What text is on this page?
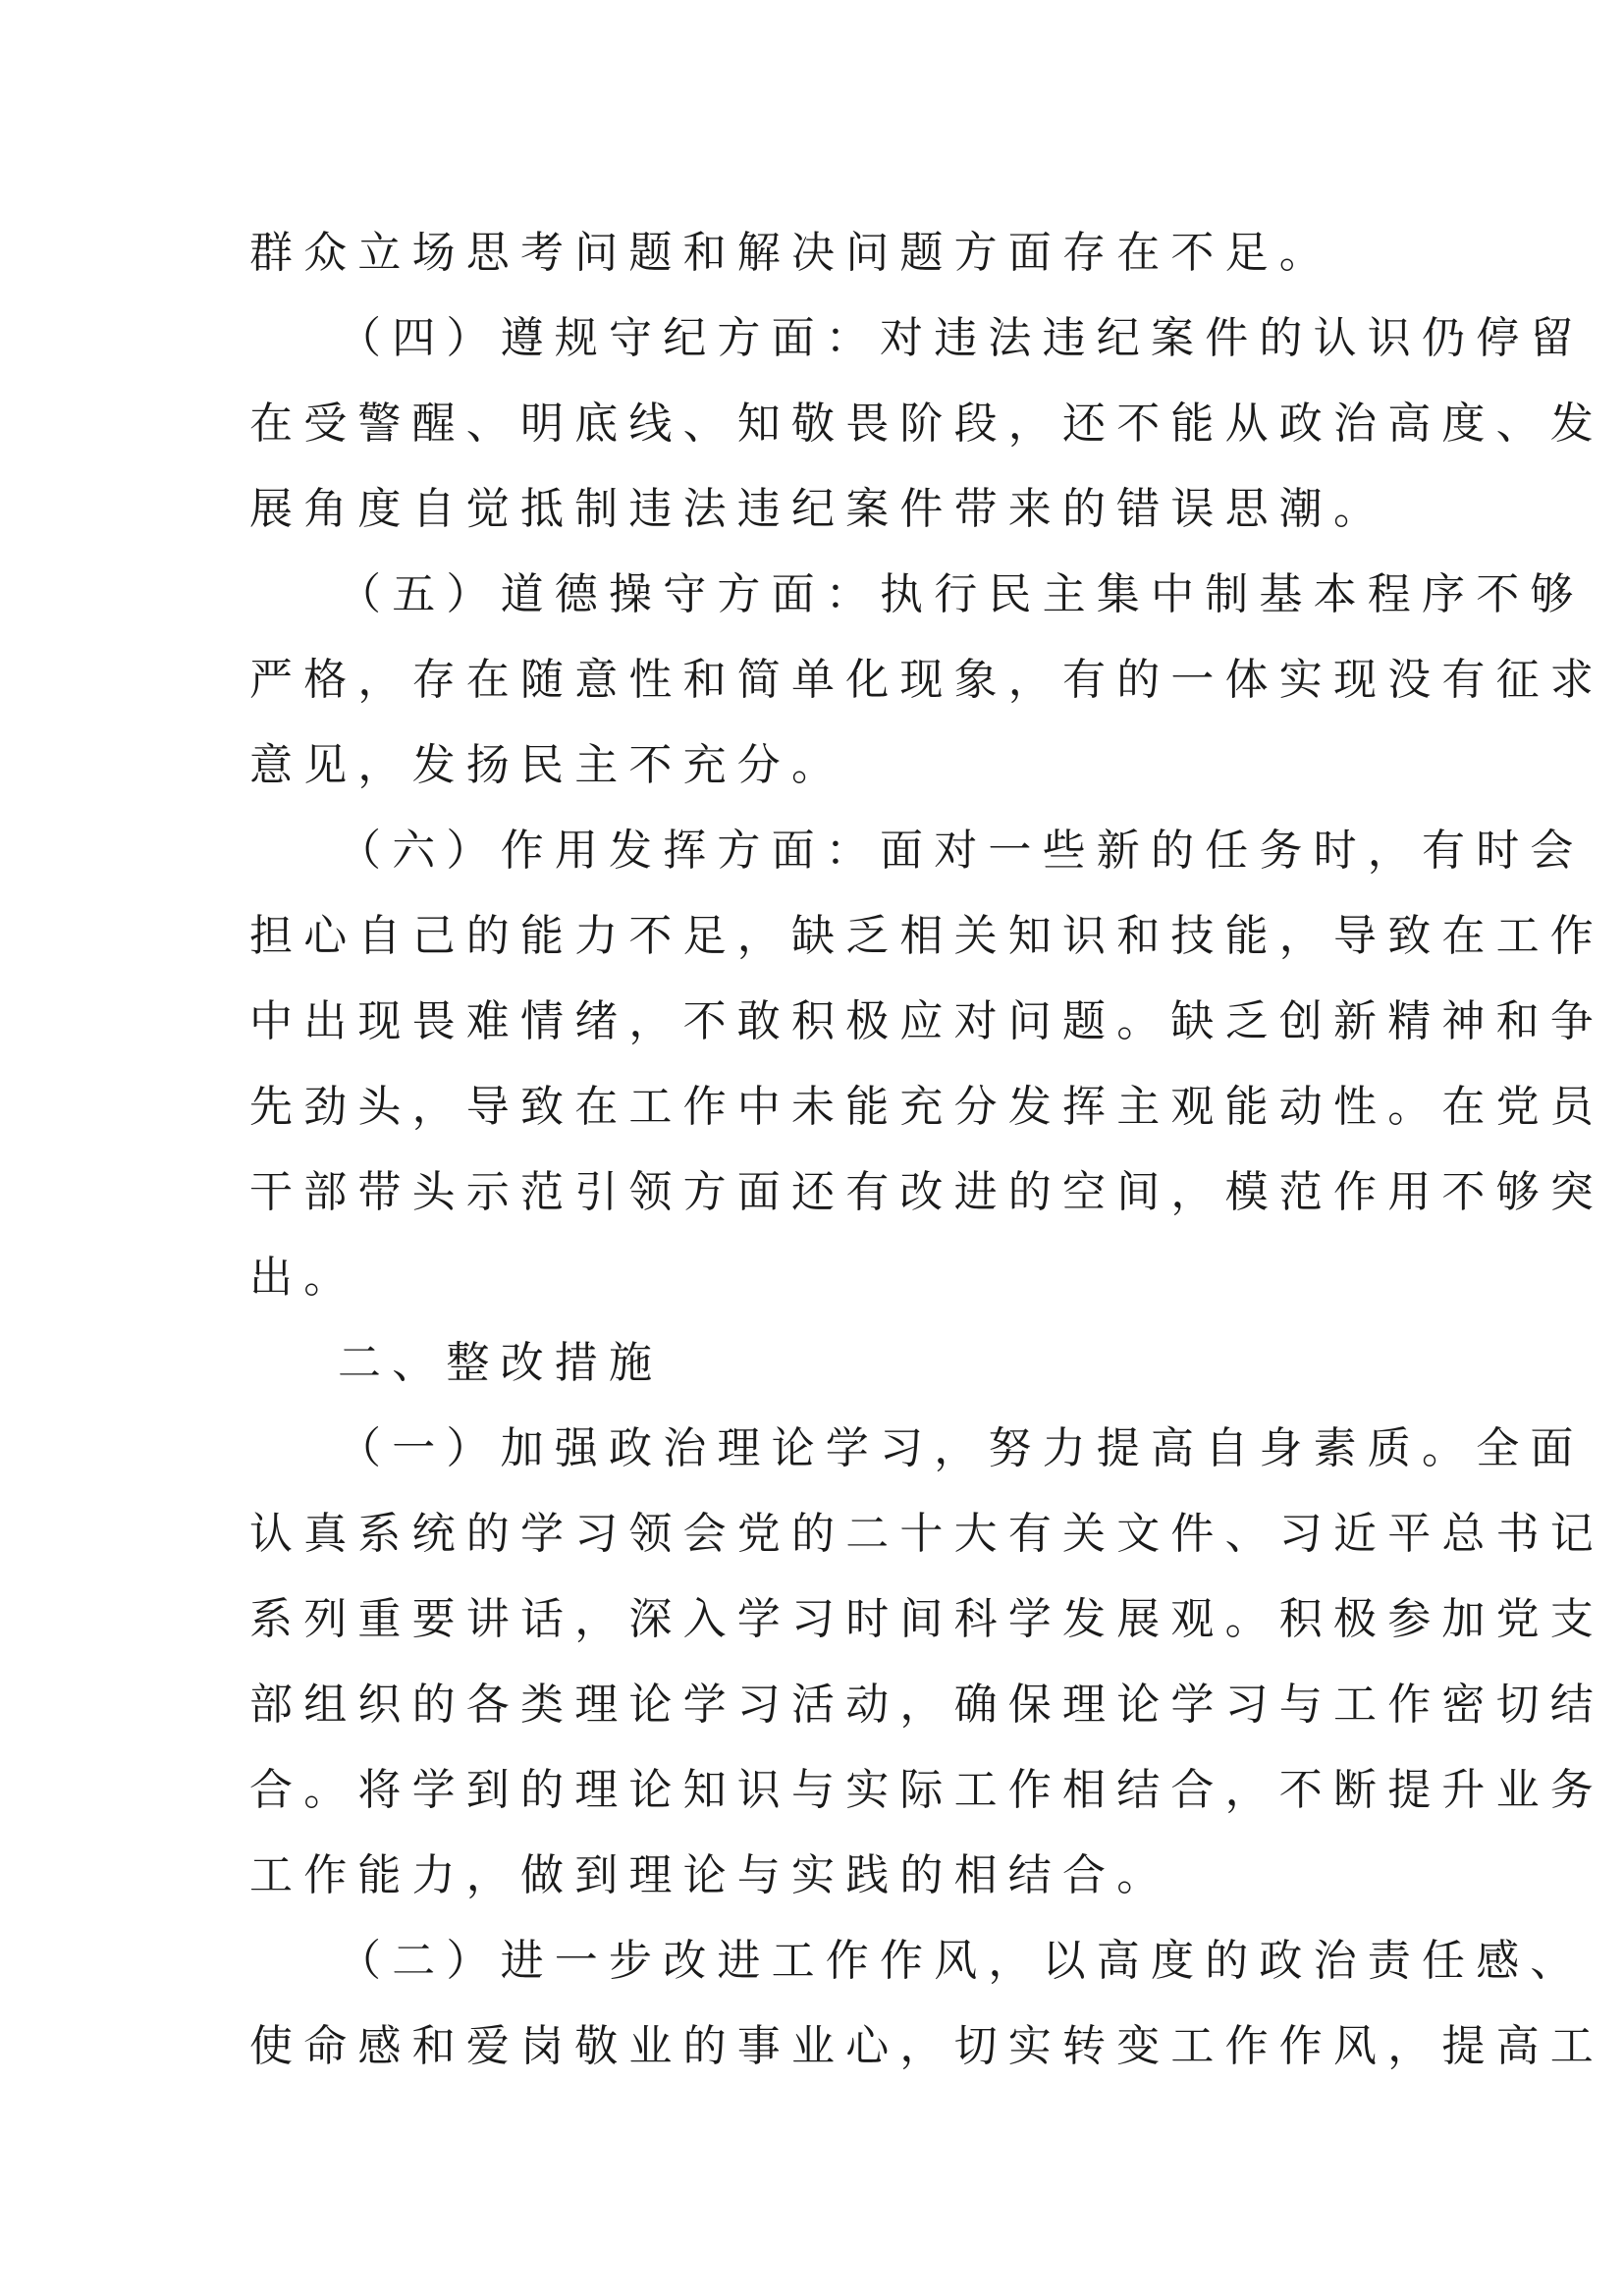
群众立场思考问题和解决问题方面存在不足。
（四）遵规守纪方面：对违法违纪案件的认识仍停留
在受警醒、明底线、知敬畏阶段，还不能从政治高度、发
展角度自觉抵制违法违纪案件带来的错误思潮。
（五）道德操守方面：执行民主集中制基本程序不够
严格，存在随意性和简单化现象，有的一体实现没有征求
意见，发扬民主不充分。
（六）作用发挥方面：面对一些新的任务时，有时会
担心自己的能力不足，缺乏相关知识和技能，导致在工作
中出现畏难情绪，不敢积极应对问题。缺乏创新精神和争
先劲头，导致在工作中未能充分发挥主观能动性。在党员
干部带头示范引领方面还有改进的空间，模范作用不够突
出。
二、整改措施
（一）加强政治理论学习，努力提高自身素质。全面
认真系统的学习领会党的二十大有关文件、习近平总书记
系列重要讲话，深入学习时间科学发展观。积极参加党支
部组织的各类理论学习活动，确保理论学习与工作密切结
合。将学到的理论知识与实际工作相结合，不断提升业务
工作能力，做到理论与实践的相结合。
（二）进一步改进工作作风，以高度的政治责任感、
使命感和爱岗敬业的事业心，切实转变工作作风，提高工
